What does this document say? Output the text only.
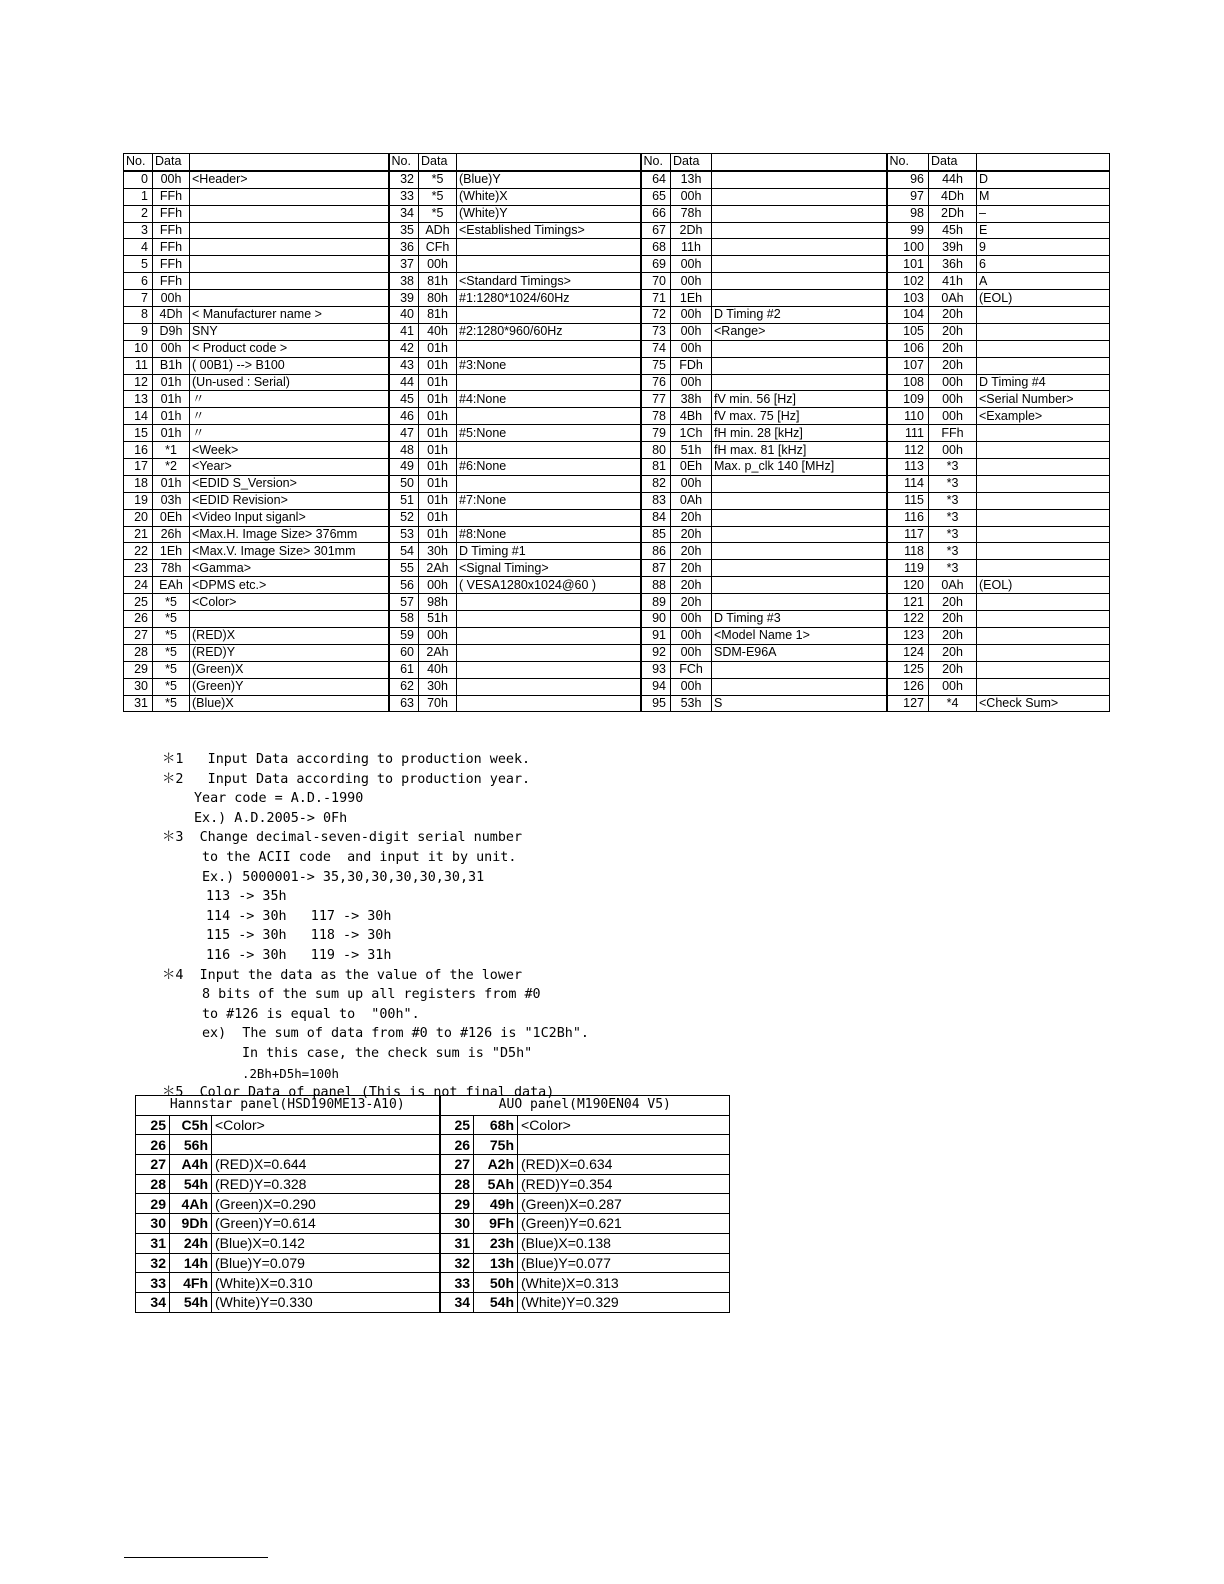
No.	Data		No.	Data		No.	Data		No.	Data	
0	00h	<Header>	32	*5	(Blue)Y	64	13h		96	44h	D
1	FFh		33	*5	(White)X	65	00h		97	4Dh	M
2	FFh		34	*5	(White)Y	66	78h		98	2Dh	–
3	FFh		35	ADh	<Established Timings>	67	2Dh		99	45h	E
4	FFh		36	CFh		68	11h		100	39h	9
5	FFh		37	00h		69	00h		101	36h	6
6	FFh		38	81h	<Standard Timings>	70	00h		102	41h	A
7	00h		39	80h	#1:1280*1024/60Hz	71	1Eh		103	0Ah	(EOL)
8	4Dh	< Manufacturer name >	40	81h		72	00h	D Timing #2	104	20h	
9	D9h	SNY	41	40h	#2:1280*960/60Hz	73	00h	<Range>	105	20h	
10	00h	< Product code >	42	01h		74	00h		106	20h	
11	B1h	( 00B1) --> B100	43	01h	#3:None	75	FDh		107	20h	
12	01h	(Un-used : Serial)	44	01h		76	00h		108	00h	D Timing #4
13	01h	〃	45	01h	#4:None	77	38h	fV min. 56 [Hz]	109	00h	<Serial Number>
14	01h	〃	46	01h		78	4Bh	fV max. 75 [Hz]	110	00h	<Example>
15	01h	〃	47	01h	#5:None	79	1Ch	fH min. 28 [kHz]	111	FFh	
16	*1	<Week>	48	01h		80	51h	fH max. 81 [kHz]	112	00h	
17	*2	<Year>	49	01h	#6:None	81	0Eh	Max. p_clk 140 [MHz]	113	*3	
18	01h	<EDID S_Version>	50	01h		82	00h		114	*3	
19	03h	<EDID Revision>	51	01h	#7:None	83	0Ah		115	*3	
20	0Eh	<Video Input siganl>	52	01h		84	20h		116	*3	
21	26h	<Max.H. Image Size> 376mm	53	01h	#8:None	85	20h		117	*3	
22	1Eh	<Max.V. Image Size> 301mm	54	30h	D Timing #1	86	20h		118	*3	
23	78h	<Gamma>	55	2Ah	<Signal Timing>	87	20h		119	*3	
24	EAh	<DPMS etc.>	56	00h	( VESA1280x1024@60 )	88	20h		120	0Ah	(EOL)
25	*5	<Color>	57	98h		89	20h		121	20h	
26	*5		58	51h		90	00h	D Timing #3	122	20h	
27	*5	(RED)X	59	00h		91	00h	<Model Name 1>	123	20h	
28	*5	(RED)Y	60	2Ah		92	00h	SDM-E96A	124	20h	
29	*5	(Green)X	61	40h		93	FCh		125	20h	
30	*5	(Green)Y	62	30h		94	00h		126	00h	
31	*5	(Blue)X	63	70h		95	53h	S	127	*4	<Check Sum>
＊1   Input Data according to production week.
＊2   Input Data according to production year.
Year code = A.D.-1990
Ex.) A.D.2005-> 0Fh
＊3  Change decimal-seven-digit serial number
to the ACII code  and input it by unit.
Ex.) 5000001-> 35,30,30,30,30,30,31
113 -> 35h
114 -> 30h   117 -> 30h
115 -> 30h   118 -> 30h
116 -> 30h   119 -> 31h
＊4  Input the data as the value of the lower
8 bits of the sum up all registers from #0
to #126 is equal to  "00h".
ex)  The sum of data from #0 to #126 is "1C2Bh".
In this case, the check sum is "D5h"
.2Bh+D5h=100h
＊5  Color Data of panel (This is not final data)
Hannstar panel(HSD190ME13-A10)			AUO panel(M190EN04 V5)		
25	C5h	<Color>	25	68h	<Color>
26	56h		26	75h	
27	A4h	(RED)X=0.644	27	A2h	(RED)X=0.634
28	54h	(RED)Y=0.328	28	5Ah	(RED)Y=0.354
29	4Ah	(Green)X=0.290	29	49h	(Green)X=0.287
30	9Dh	(Green)Y=0.614	30	9Fh	(Green)Y=0.621
31	24h	(Blue)X=0.142	31	23h	(Blue)X=0.138
32	14h	(Blue)Y=0.079	32	13h	(Blue)Y=0.077
33	4Fh	(White)X=0.310	33	50h	(White)X=0.313
34	54h	(White)Y=0.330	34	54h	(White)Y=0.329
